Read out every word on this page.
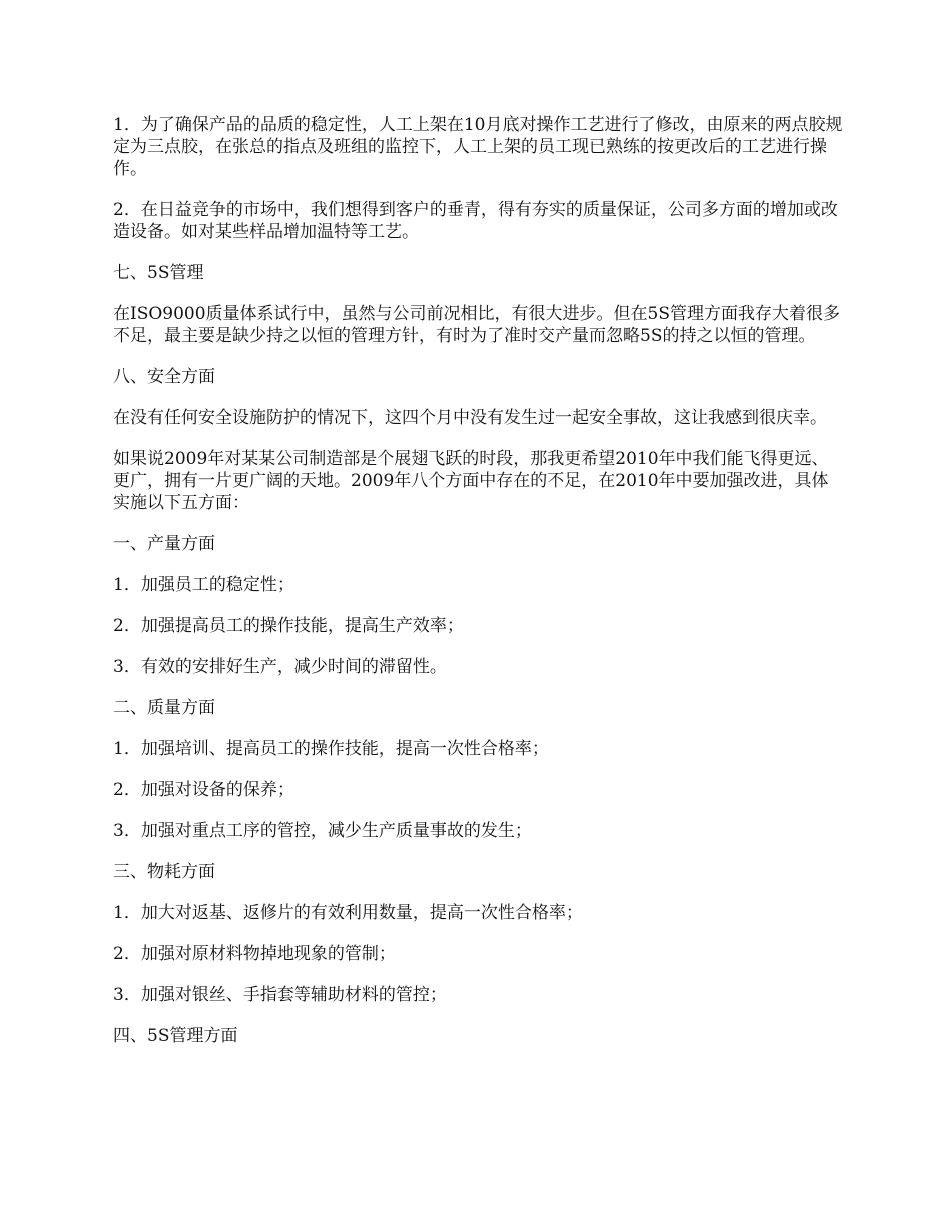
1．为了确保产品的品质的稳定性，人工上架在10月底对操作工艺进行了修改，由原来的两点胶规定为三点胶，在张总的指点及班组的监控下，人工上架的员工现已熟练的按更改后的工艺进行操作。

2．在日益竞争的市场中，我们想得到客户的垂青，得有夯实的质量保证，公司多方面的增加或改造设备。如对某些样品增加温特等工艺。

七、5S管理

在ISO9000质量体系试行中，虽然与公司前况相比，有很大进步。但在5S管理方面我存大着很多不足，最主要是缺少持之以恒的管理方针，有时为了准时交产量而忽略5S的持之以恒的管理。

八、安全方面

在没有任何安全设施防护的情况下，这四个月中没有发生过一起安全事故，这让我感到很庆幸。

如果说2009年对某某公司制造部是个展翅飞跃的时段，那我更希望2010年中我们能飞得更远、更广，拥有一片更广阔的天地。2009年八个方面中存在的不足，在2010年中要加强改进，具体实施以下五方面：

一、产量方面

1．加强员工的稳定性；

2．加强提高员工的操作技能，提高生产效率；

3．有效的安排好生产，减少时间的滞留性。

二、质量方面

1．加强培训、提高员工的操作技能，提高一次性合格率；

2．加强对设备的保养；

3．加强对重点工序的管控，减少生产质量事故的发生；

三、物耗方面

1．加大对返基、返修片的有效利用数量，提高一次性合格率；

2．加强对原材料物掉地现象的管制；

3．加强对银丝、手指套等辅助材料的管控；

四、5S管理方面
